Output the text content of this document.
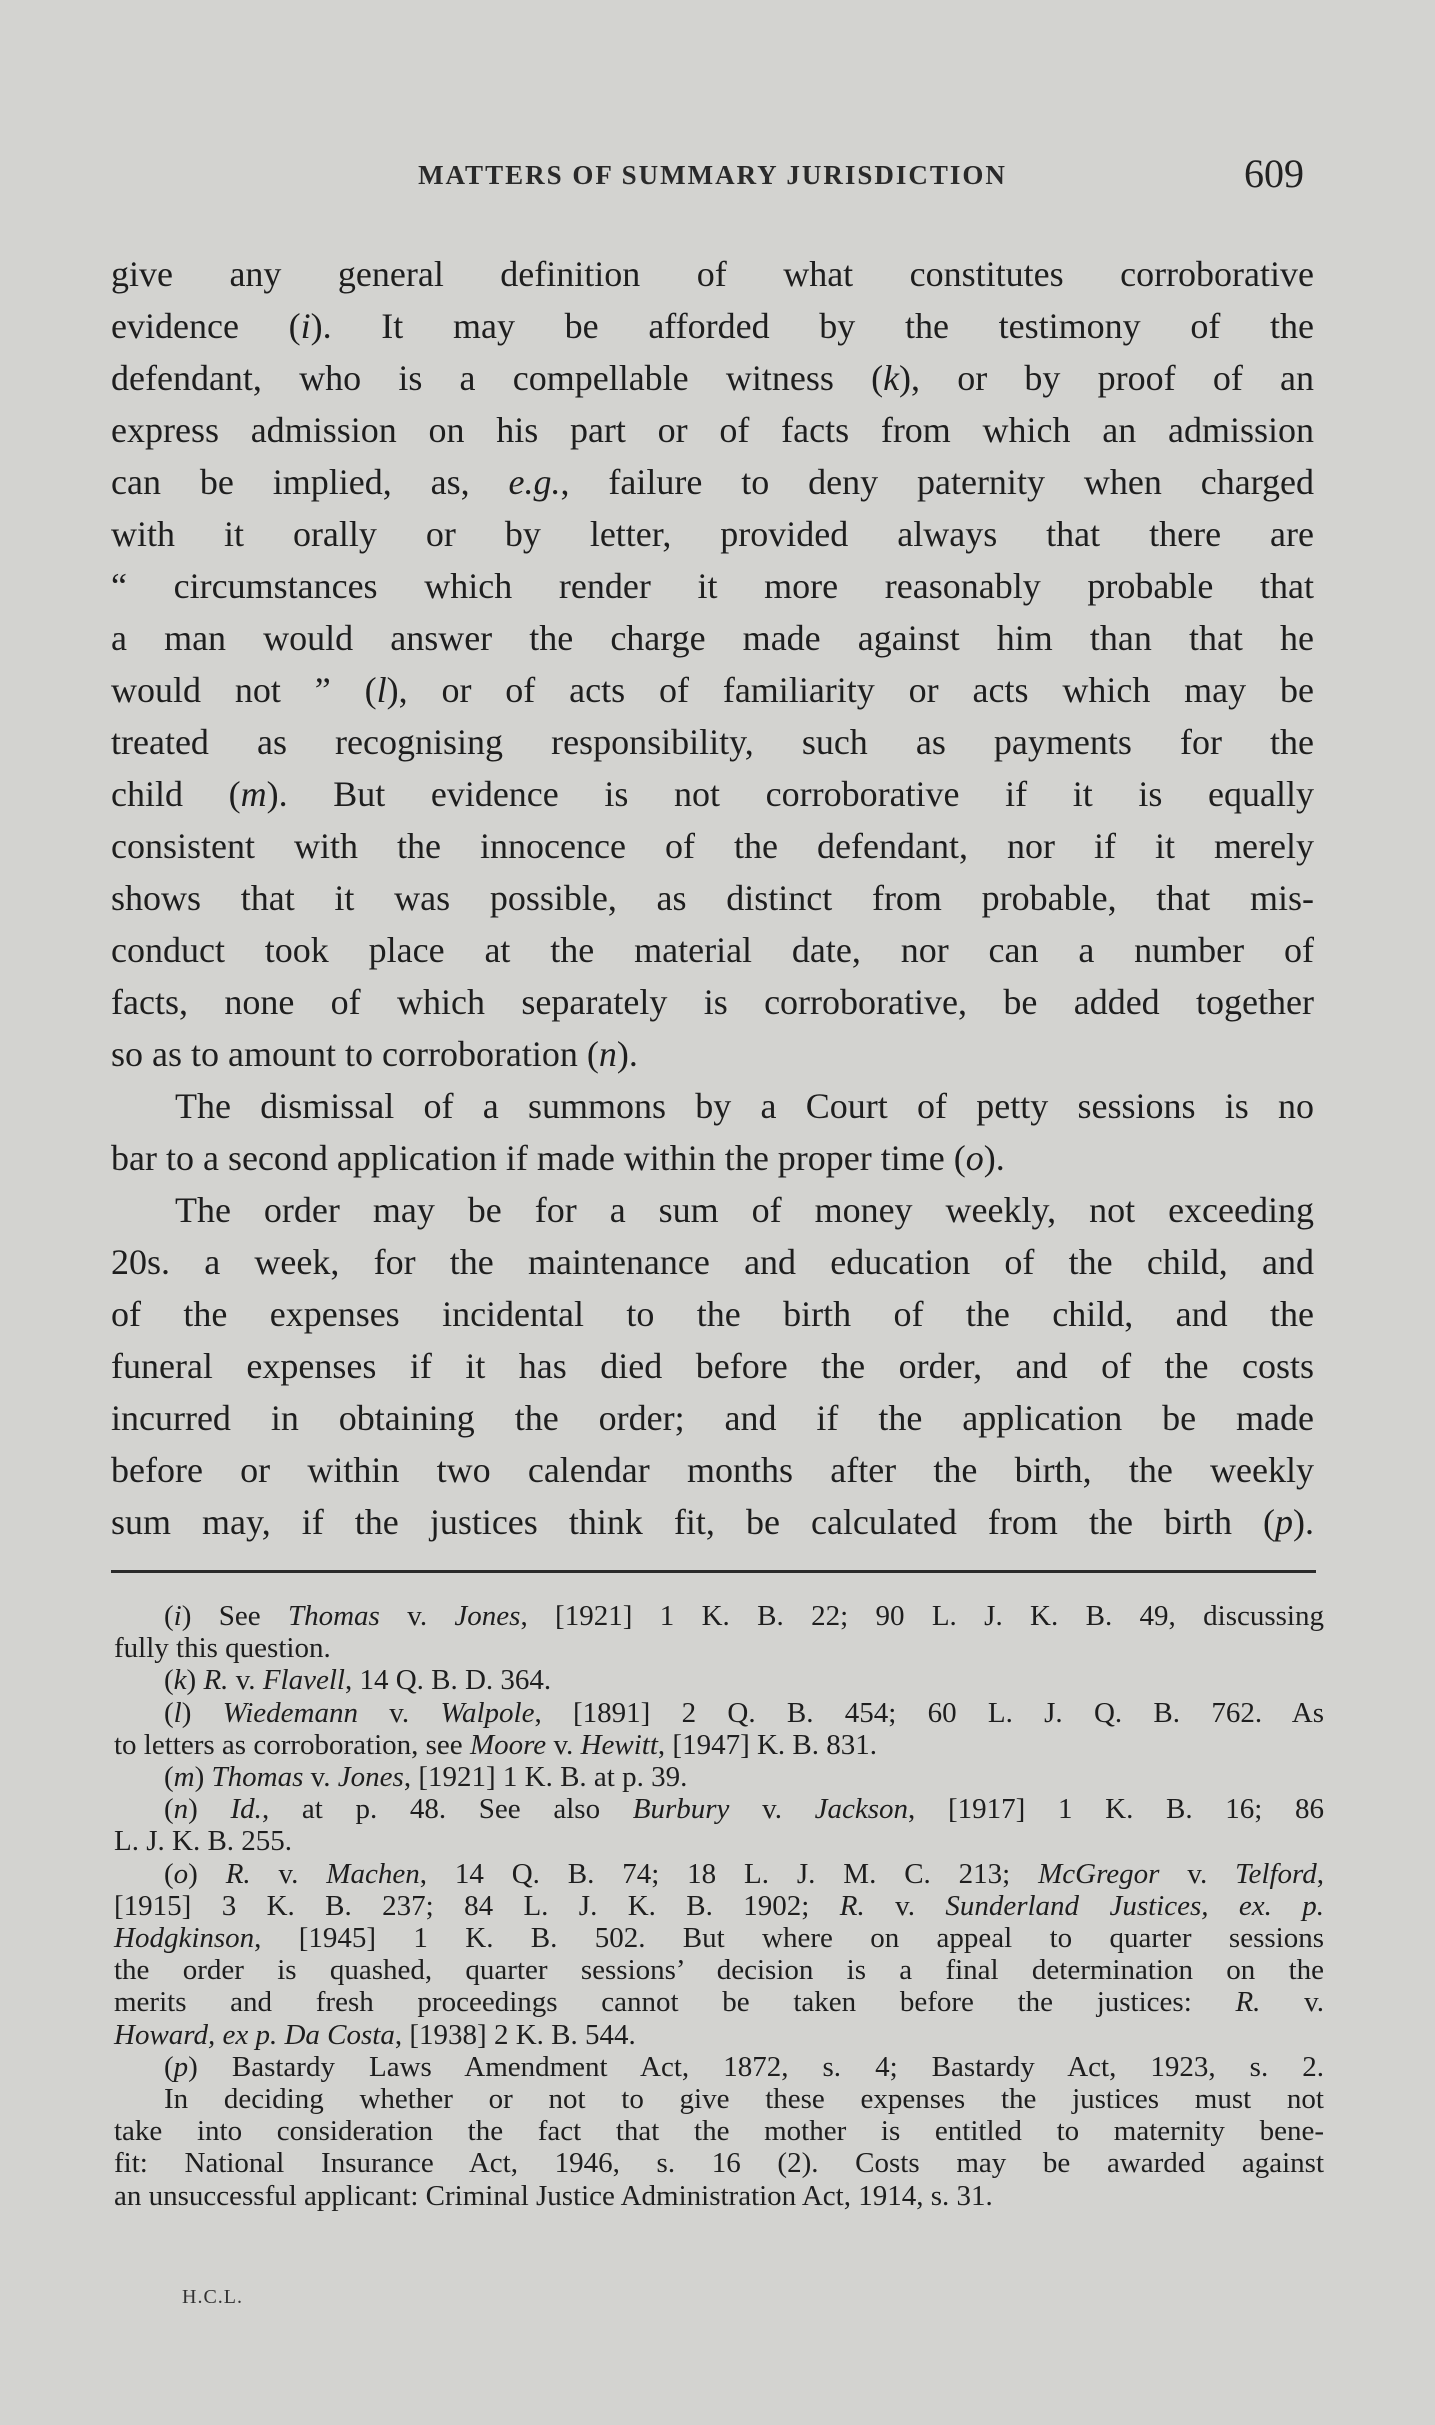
MATTERS OF SUMMARY JURISDICTION	609
give any general definition of what constitutes corroborative
evidence (i). It may be afforded by the testimony of the
defendant, who is a compellable witness (k), or by proof of an
express admission on his part or of facts from which an admission
can be implied, as, e.g., failure to deny paternity when charged
with it orally or by letter, provided always that there are
“ circumstances which render it more reasonably probable that
a man would answer the charge made against him than that he
would not ” (l), or of acts of familiarity or acts which may be
treated as recognising responsibility, such as payments for the
child (m). But evidence is not corroborative if it is equally
consistent with the innocence of the defendant, nor if it merely
shows that it was possible, as distinct from probable, that mis-
conduct took place at the material date, nor can a number of
facts, none of which separately is corroborative, be added together
so as to amount to corroboration (n).
The dismissal of a summons by a Court of petty sessions is no
bar to a second application if made within the proper time (o).
The order may be for a sum of money weekly, not exceeding
20s. a week, for the maintenance and education of the child, and
of the expenses incidental to the birth of the child, and the
funeral expenses if it has died before the order, and of the costs
incurred in obtaining the order; and if the application be made
before or within two calendar months after the birth, the weekly
sum may, if the justices think fit, be calculated from the birth (p).
(i) See Thomas v. Jones, [1921] 1 K. B. 22; 90 L. J. K. B. 49, discussing
fully this question.
(k) R. v. Flavell, 14 Q. B. D. 364.
(l) Wiedemann v. Walpole, [1891] 2 Q. B. 454; 60 L. J. Q. B. 762. As
to letters as corroboration, see Moore v. Hewitt, [1947] K. B. 831.
(m) Thomas v. Jones, [1921] 1 K. B. at p. 39.
(n) Id., at p. 48. See also Burbury v. Jackson, [1917] 1 K. B. 16; 86
L. J. K. B. 255.
(o) R. v. Machen, 14 Q. B. 74; 18 L. J. M. C. 213; McGregor v. Telford,
[1915] 3 K. B. 237; 84 L. J. K. B. 1902; R. v. Sunderland Justices, ex. p.
Hodgkinson, [1945] 1 K. B. 502. But where on appeal to quarter sessions
the order is quashed, quarter sessions’ decision is a final determination on the
merits and fresh proceedings cannot be taken before the justices: R. v.
Howard, ex p. Da Costa, [1938] 2 K. B. 544.
(p) Bastardy Laws Amendment Act, 1872, s. 4; Bastardy Act, 1923, s. 2.
In deciding whether or not to give these expenses the justices must not
take into consideration the fact that the mother is entitled to maternity bene-
fit: National Insurance Act, 1946, s. 16 (2). Costs may be awarded against
an unsuccessful applicant: Criminal Justice Administration Act, 1914, s. 31.
H.C.L.
